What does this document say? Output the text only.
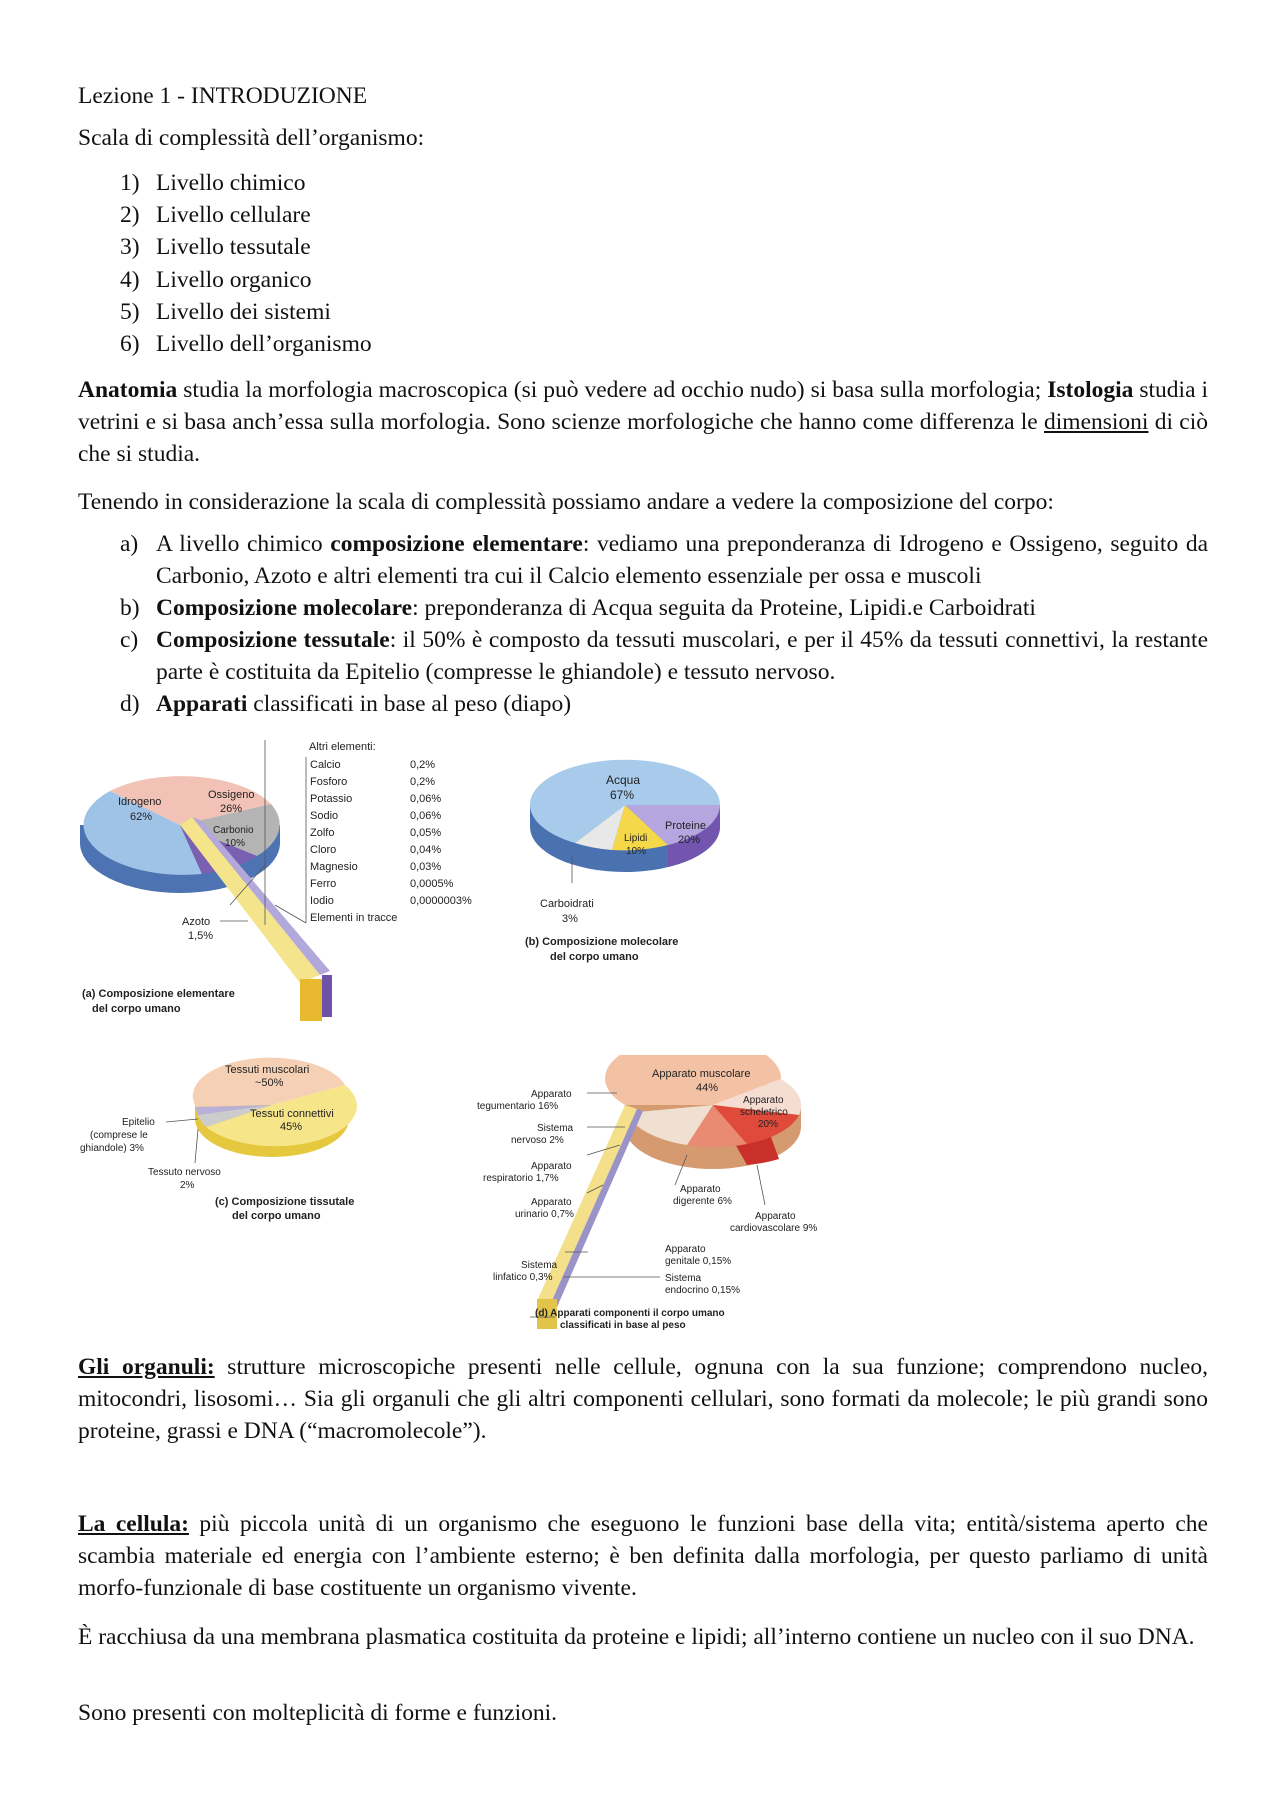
Lezione 1 - INTRODUZIONE

Scala di complessità dell’organismo:

1) Livello chimico
2) Livello cellulare
3) Livello tessutale
4) Livello organico
5) Livello dei sistemi
6) Livello dell’organismo

Anatomia studia la morfologia macroscopica (si può vedere ad occhio nudo) si basa sulla morfologia; Istologia studia i vetrini e si basa anch’essa sulla morfologia. Sono scienze morfologiche che hanno come differenza le dimensioni di ciò che si studia.

Tenendo in considerazione la scala di complessità possiamo andare a vedere la composizione del corpo:

a) A livello chimico composizione elementare: vediamo una preponderanza di Idrogeno e Ossigeno, seguito da Carbonio, Azoto e altri elementi tra cui il Calcio elemento essenziale per ossa e muscoli
b) Composizione molecolare: preponderanza di Acqua seguita da Proteine, Lipidi.e Carboidrati
c) Composizione tessutale: il 50% è composto da tessuti muscolari, e per il 45% da tessuti connettivi, la restante parte è costituita da Epitelio (compresse le ghiandole) e tessuto nervoso.
d) Apparati classificati in base al peso (diapo)
Idrogeno
62%
Ossigeno
26%
Carbonio
10%
Azoto
1,5%
Altri elementi:
Calcio	0,2%
Fosforo	0,2%
Potassio	0,06%
Sodio	0,06%
Zolfo	0,05%
Cloro	0,04%
Magnesio	0,03%
Ferro	0,0005%
Iodio	0,0000003%
Elementi in tracce
(a) Composizione elementare
del corpo umano
Acqua
67%
Proteine
20%
Lipidi
10%
Carboidrati
3%
(b) Composizione molecolare
del corpo umano
Tessuti muscolari
~50%
Tessuti connettivi
45%
Epitelio
(comprese le
ghiandole) 3%
Tessuto nervoso
2%
(c) Composizione tissutale
del corpo umano
Apparato muscolare
44%
Apparato
scheletrico
20%
Apparato
tegumentario 16%
Sistema
nervoso 2%
Apparato
respiratorio 1,7%
Apparato
urinario 0,7%
Apparato
digerente 6%
Apparato
cardiovascolare 9%
Apparato
genitale 0,15%
Sistema
endocrino 0,15%
Sistema
linfatico 0,3%
(d) Apparati componenti il corpo umano
classificati in base al peso

Gli organuli: strutture microscopiche presenti nelle cellule, ognuna con la sua funzione; comprendono nucleo, mitocondri, lisosomi… Sia gli organuli che gli altri componenti cellulari, sono formati da molecole; le più grandi sono proteine, grassi e DNA (“macromolecole”).

La cellula: più piccola unità di un organismo che eseguono le funzioni base della vita; entità/sistema aperto che scambia materiale ed energia con l’ambiente esterno; è ben definita dalla morfologia, per questo parliamo di unità morfo-funzionale di base costituente un organismo vivente.

È racchiusa da una membrana plasmatica costituita da proteine e lipidi; all’interno contiene un nucleo con il suo DNA.

Sono presenti con molteplicità di forme e funzioni.
